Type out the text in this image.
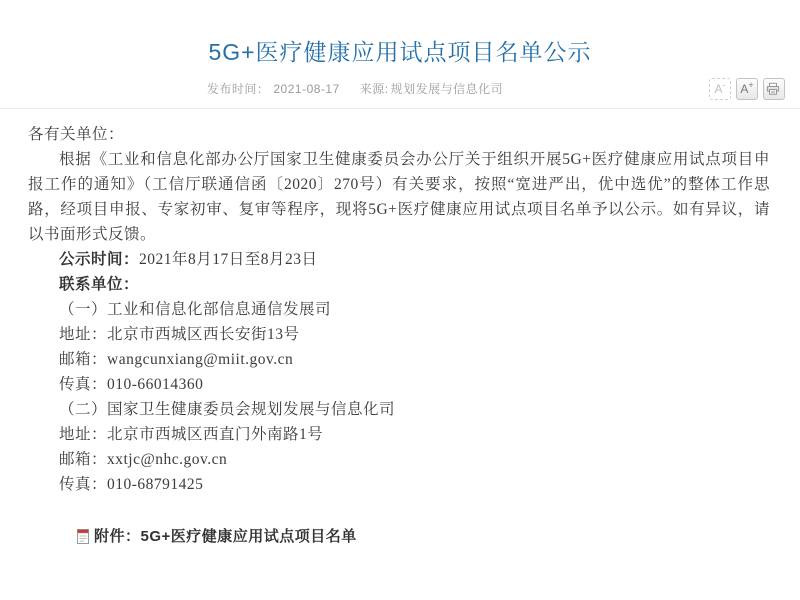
5G+医疗健康应用试点项目名单公示
发布时间： 2021-08-17 来源: 规划发展与信息化司	A- A+

各有关单位：

根据《工业和信息化部办公厅国家卫生健康委员会办公厅关于组织开展5G+医疗健康应用试点项目申报工作的通知》（工信厅联通信函〔2020〕270号）有关要求，按照“宽进严出，优中选优”的整体工作思路，经项目申报、专家初审、复审等程序，现将5G+医疗健康应用试点项目名单予以公示。如有异议，请以书面形式反馈。

公示时间：2021年8月17日至8月23日

联系单位：

（一）工业和信息化部信息通信发展司

地址：北京市西城区西长安街13号

邮箱：wangcunxiang@miit.gov.cn

传真：010-66014360

（二）国家卫生健康委员会规划发展与信息化司

地址：北京市西城区西直门外南路1号

邮箱：xxtjc@nhc.gov.cn

传真：010-68791425

附件： 5G+医疗健康应用试点项目名单
